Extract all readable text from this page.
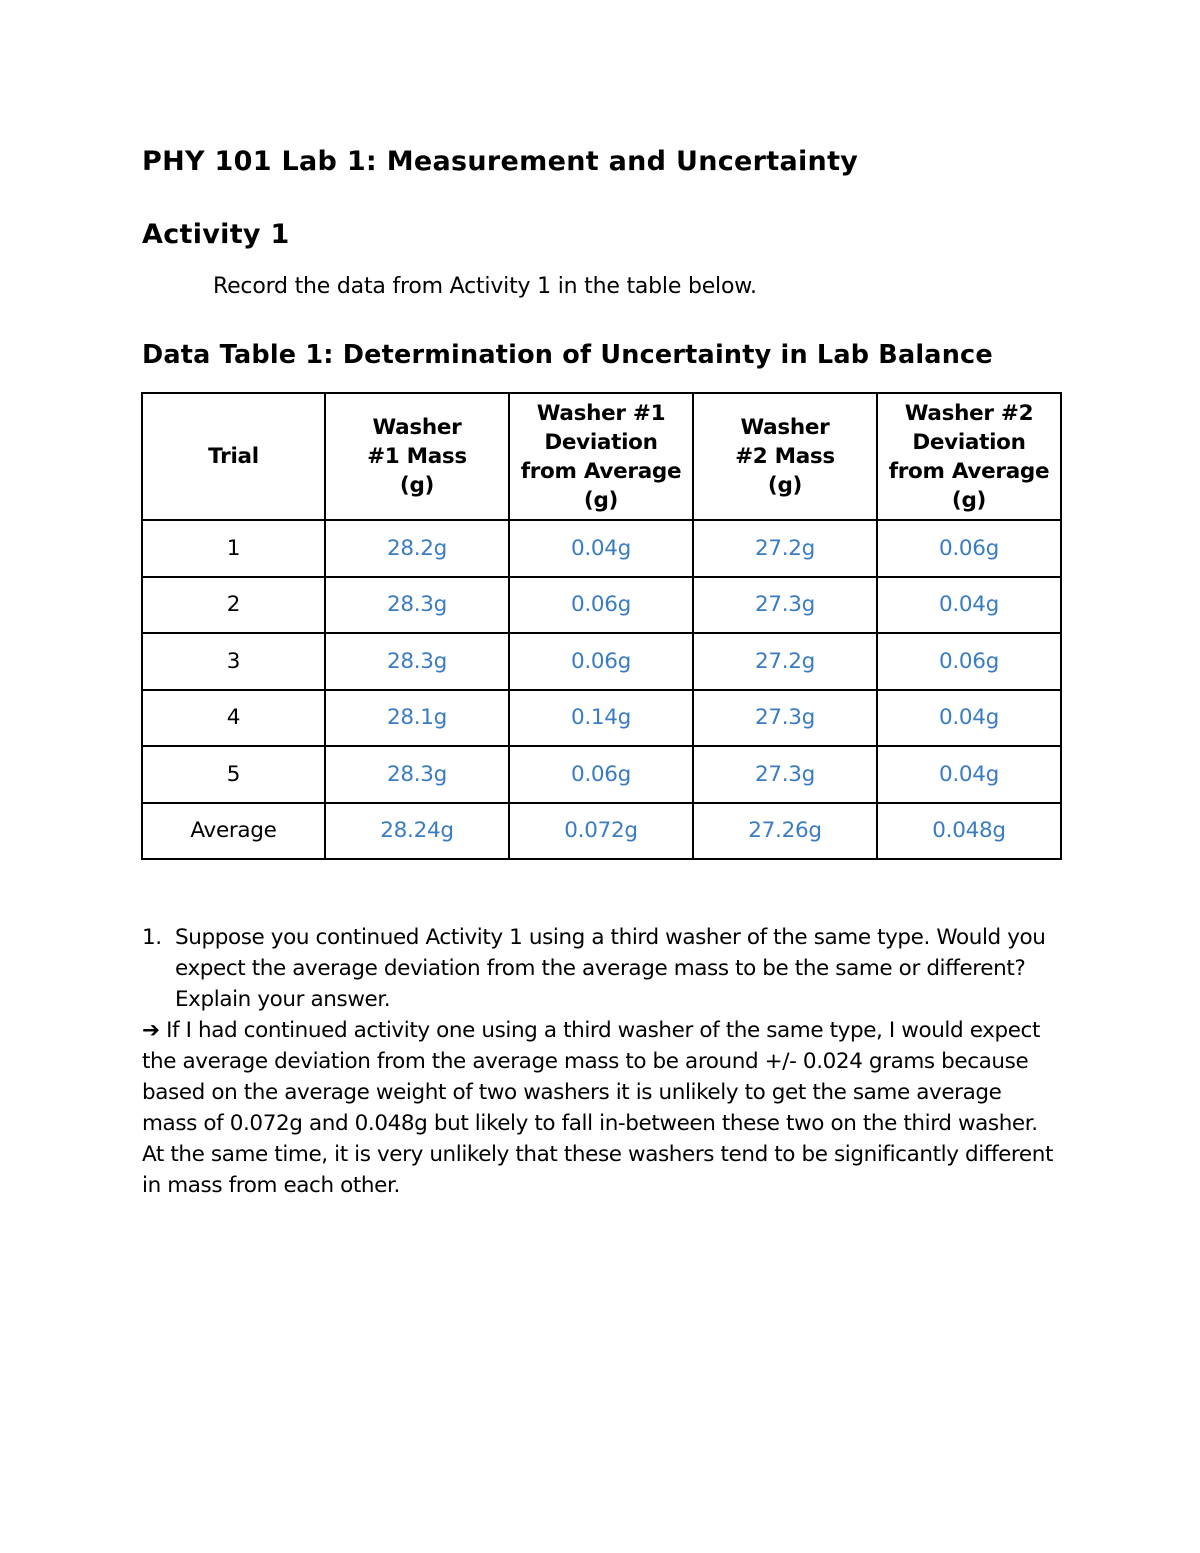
PHY 101 Lab 1: Measurement and Uncertainty
Activity 1
Record the data from Activity 1 in the table below.
Data Table 1: Determination of Uncertainty in Lab Balance
Trial	Washer #1 Mass (g)	Washer #1 Deviation from Average (g)	Washer #2 Mass (g)	Washer #2 Deviation from Average (g)
1	28.2g	0.04g	27.2g	0.06g
2	28.3g	0.06g	27.3g	0.04g
3	28.3g	0.06g	27.2g	0.06g
4	28.1g	0.14g	27.3g	0.04g
5	28.3g	0.06g	27.3g	0.04g
Average	28.24g	0.072g	27.26g	0.048g
1. Suppose you continued Activity 1 using a third washer of the same type. Would you expect the average deviation from the average mass to be the same or different? Explain your answer.

➔ If I had continued activity one using a third washer of the same type, I would expect the average deviation from the average mass to be around +/- 0.024 grams because based on the average weight of two washers it is unlikely to get the same average mass of 0.072g and 0.048g but likely to fall in-between these two on the third washer. At the same time, it is very unlikely that these washers tend to be significantly different in mass from each other.
